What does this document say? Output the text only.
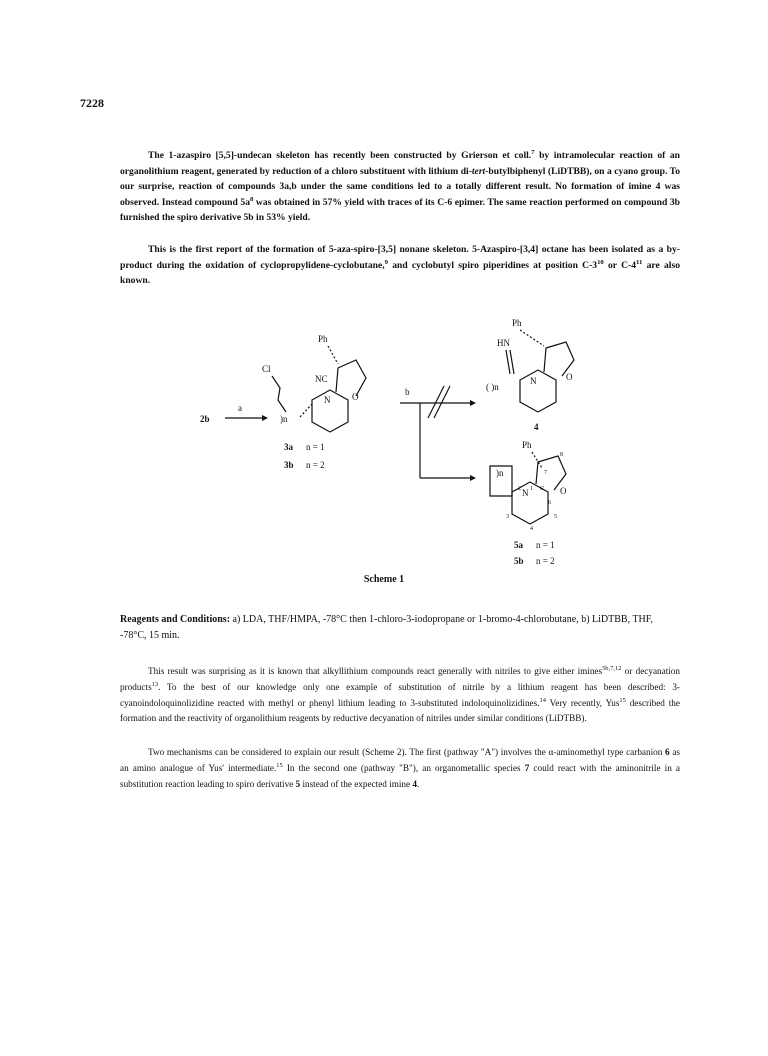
7228
The 1-azaspiro [5,5]-undecan skeleton has recently been constructed by Grierson et coll.$^7$ by intramolecular reaction of an organolithium reagent, generated by reduction of a chloro substituent with lithium di-tert-butylbiphenyl (LiDTBB), on a cyano group. To our surprise, reaction of compounds 3a,b under the same conditions led to a totally different result. No formation of imine 4 was observed. Instead compound $5a^8$ was obtained in 57% yield with traces of its C-6 epimer. The same reaction performed on compound 3b furnished the spiro derivative 5b in 53% yield.
This is the first report of the formation of 5-aza-spiro-[3,5] nonane skeleton. 5-Azaspiro-[3,4] octane has been isolated as a by-product during the oxidation of cyclopropylidene-cyclobutane,$^9$ and cyclobutyl spiro piperidines at position $C-3^{10}$ or $C-4^{11}$ are also known.
2b
a
Cl
)n
NC
N O
Ph
3a n = 1
3b n = 2
b
Ph
HN
( )n
N	O
4
Ph
)n
N	O
8
7
1
2	6'
3
4
5
6
5a n = 1
5b n = 2
Scheme 1
Reagents and Conditions: a) LDA, THF/HMPA, -78°C then 1-chloro-3-iodopropane or 1-bromo-4-chlorobutane, b) LiDTBB, THF, -78°C, 15 min.
This result was surprising as it is known that alkyllithium compounds react generally with nitriles to give either imines$^{5b,7,12}$ or decyanation products$^{13}$. To the best of our knowledge only one example of substitution of nitrile by a lithium reagent has been described: 3-cyanoindoloquinolizidine reacted with methyl or phenyl lithium leading to 3-substituted indoloquinolizidines.$^{14}$ Very recently, Yus$^{15}$ described the formation and the reactivity of organolithium reagents by reductive decyanation of nitriles under similar conditions (LiDTBB).
Two mechanisms can be considered to explain our result (Scheme 2). The first (pathway "A") involves the α-aminomethyl type carbanion 6 as an amino analogue of Yus' intermediate.$^{15}$ In the second one (pathway "B"), an organometallic species 7 could react with the aminonitrile in a substitution reaction leading to spiro derivative 5 instead of the expected imine 4.
